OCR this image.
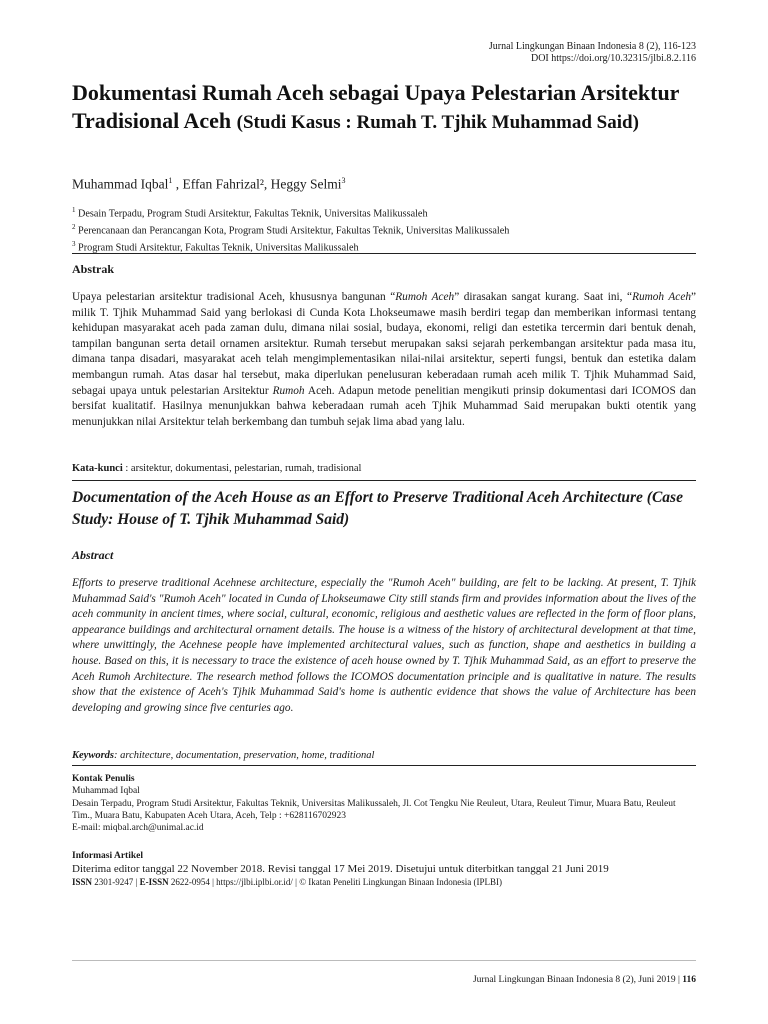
Jurnal Lingkungan Binaan Indonesia 8 (2), 116-123
DOI https://doi.org/10.32315/jlbi.8.2.116
Dokumentasi Rumah Aceh sebagai Upaya Pelestarian Arsitektur Tradisional Aceh (Studi Kasus : Rumah T. Tjhik Muhammad Said)
Muhammad Iqbal$^1$ , Effan Fahrizal², Heggy Selmi$^3$
$^1$ Desain Terpadu, Program Studi Arsitektur, Fakultas Teknik, Universitas Malikussaleh
$^2$ Perencanaan dan Perancangan Kota, Program Studi Arsitektur, Fakultas Teknik, Universitas Malikussaleh
$^3$ Program Studi Arsitektur, Fakultas Teknik, Universitas Malikussaleh
Abstrak
Upaya pelestarian arsitektur tradisional Aceh, khususnya bangunan “Rumoh Aceh” dirasakan sangat kurang. Saat ini, “Rumoh Aceh” milik T. Tjhik Muhammad Said yang berlokasi di Cunda Kota Lhokseumawe masih berdiri tegap dan memberikan informasi tentang kehidupan masyarakat aceh pada zaman dulu, dimana nilai sosial, budaya, ekonomi, religi dan estetika tercermin dari bentuk denah, tampilan bangunan serta detail ornamen arsitektur. Rumah tersebut merupakan saksi sejarah perkembangan arsitektur pada masa itu, dimana tanpa disadari, masyarakat aceh telah mengimplementasikan nilai-nilai arsitektur, seperti fungsi, bentuk dan estetika dalam membangun rumah. Atas dasar hal tersebut, maka diperlukan penelusuran keberadaan rumah aceh milik T. Tjhik Muhammad Said, sebagai upaya untuk pelestarian Arsitektur Rumoh Aceh. Adapun metode penelitian mengikuti prinsip dokumentasi dari ICOMOS dan bersifat kualitatif. Hasilnya menunjukkan bahwa keberadaan rumah aceh Tjhik Muhammad Said merupakan bukti otentik yang menunjukkan nilai Arsitektur telah berkembang dan tumbuh sejak lima abad yang lalu.
Kata-kunci : arsitektur, dokumentasi, pelestarian, rumah, tradisional
Documentation of the Aceh House as an Effort to Preserve Traditional Aceh Architecture (Case Study: House of T. Tjhik Muhammad Said)
Abstract
Efforts to preserve traditional Acehnese architecture, especially the "Rumoh Aceh" building, are felt to be lacking. At present, T. Tjhik Muhammad Said's "Rumoh Aceh" located in Cunda of Lhokseumawe City still stands firm and provides information about the lives of the aceh community in ancient times, where social, cultural, economic, religious and aesthetic values are reflected in the form of floor plans, appearance buildings and architectural ornament details. The house is a witness of the history of architectural development at that time, where unwittingly, the Acehnese people have implemented architectural values, such as function, shape and aesthetics in building a house. Based on this, it is necessary to trace the existence of aceh house owned by T. Tjhik Muhammad Said, as an effort to preserve the Aceh Rumoh Architecture. The research method follows the ICOMOS documentation principle and is qualitative in nature. The results show that the existence of Aceh's Tjhik Muhammad Said's home is authentic evidence that shows the value of Architecture has been developing and growing since five centuries ago.
Keywords: architecture, documentation, preservation, home, traditional
Kontak Penulis
Muhammad Iqbal
Desain Terpadu, Program Studi Arsitektur, Fakultas Teknik, Universitas Malikussaleh, Jl. Cot Tengku Nie Reuleut, Utara, Reuleut Timur, Muara Batu, Reuleut Tim., Muara Batu, Kabupaten Aceh Utara, Aceh, Telp : +628116702923
E-mail: miqbal.arch@unimal.ac.id
Informasi Artikel
Diterima editor tanggal 22 November 2018. Revisi tanggal 17 Mei 2019. Disetujui untuk diterbitkan tanggal 21 Juni 2019
ISSN 2301-9247 | E-ISSN 2622-0954 | https://jlbi.iplbi.or.id/ | © Ikatan Peneliti Lingkungan Binaan Indonesia (IPLBI)
Jurnal Lingkungan Binaan Indonesia 8 (2), Juni 2019 | 116
